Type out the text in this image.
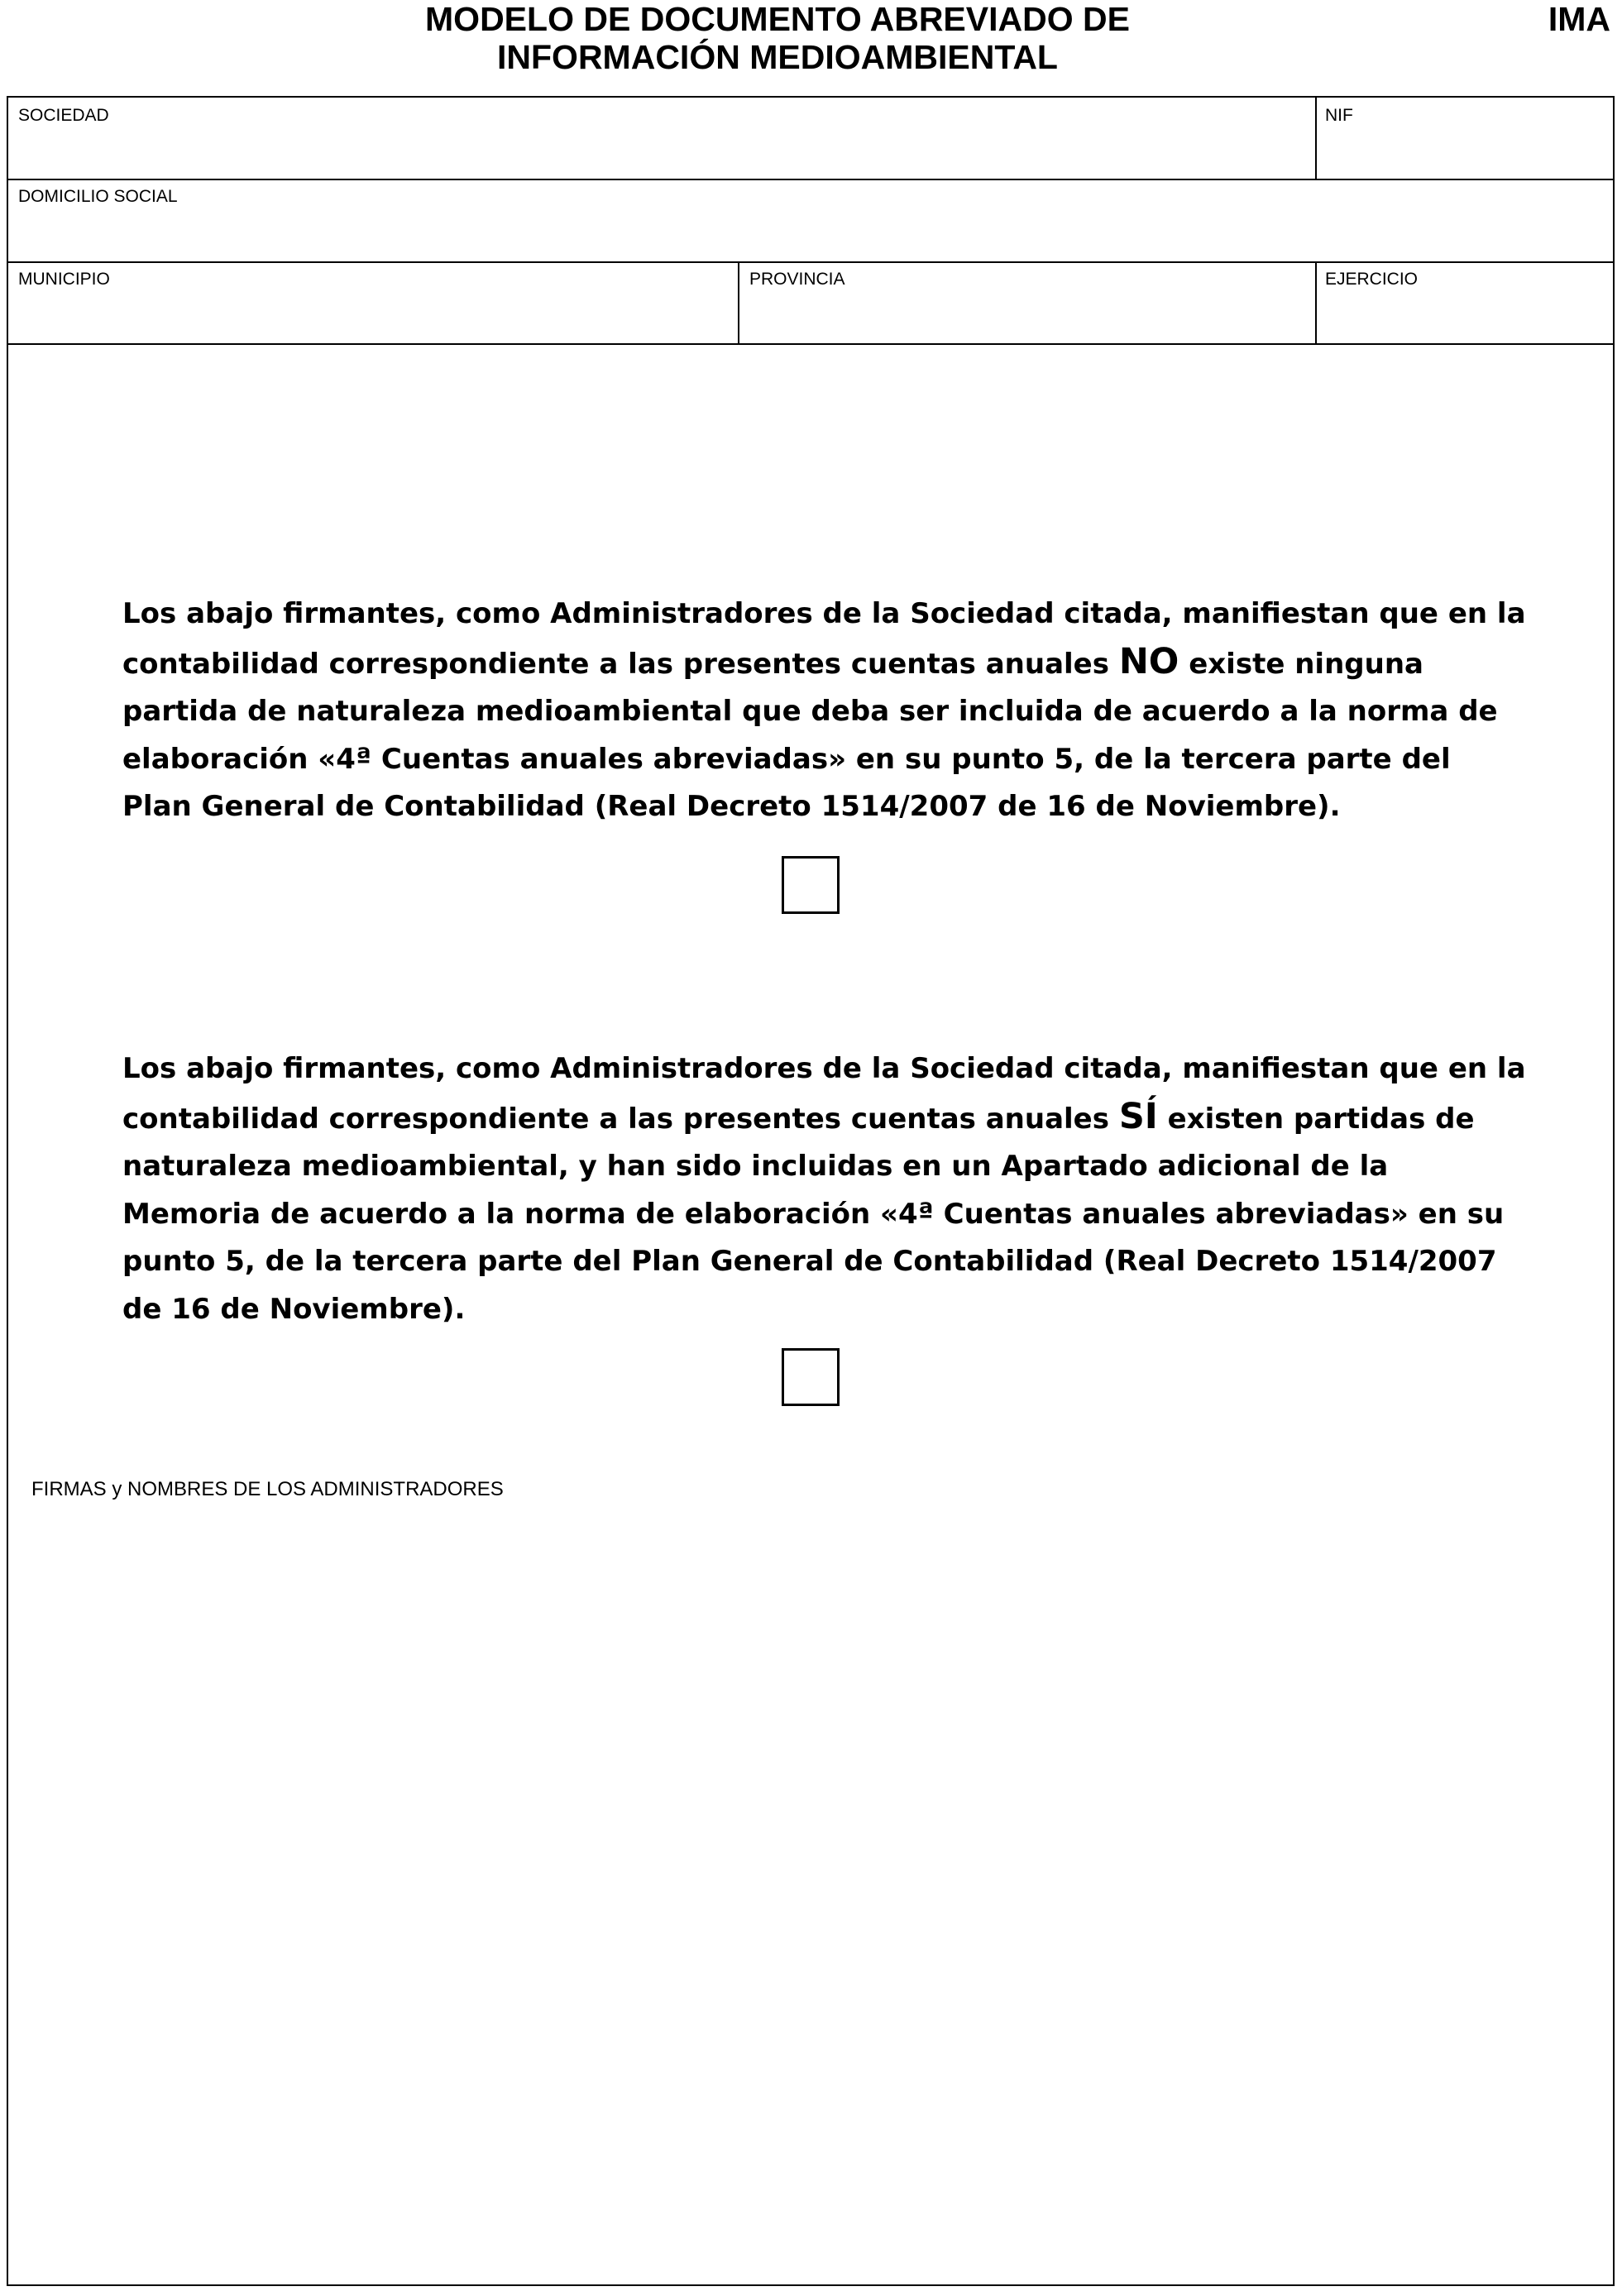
MODELO DE DOCUMENTO ABREVIADO DE
INFORMACIÓN MEDIOAMBIENTAL
IMA
SOCIEDAD	NIF
DOMICILIO SOCIAL
MUNICIPIO	PROVINCIA	EJERCICIO
Los abajo firmantes, como Administradores de la Sociedad citada, manifiestan que en la contabilidad correspondiente a las presentes cuentas anuales NO existe ninguna partida de naturaleza medioambiental que deba ser incluida de acuerdo a la norma de elaboración «4ª Cuentas anuales abreviadas» en su punto 5, de la tercera parte del Plan General de Contabilidad (Real Decreto 1514/2007 de 16 de Noviembre).
Los abajo firmantes, como Administradores de la Sociedad citada, manifiestan que en la contabilidad correspondiente a las presentes cuentas anuales SÍ existen partidas de naturaleza medioambiental, y han sido incluidas en un Apartado adicional de la Memoria de acuerdo a la norma de elaboración «4ª Cuentas anuales abreviadas» en su punto 5, de la tercera parte del Plan General de Contabilidad (Real Decreto 1514/2007 de 16 de Noviembre).
FIRMAS y NOMBRES DE LOS ADMINISTRADORES
